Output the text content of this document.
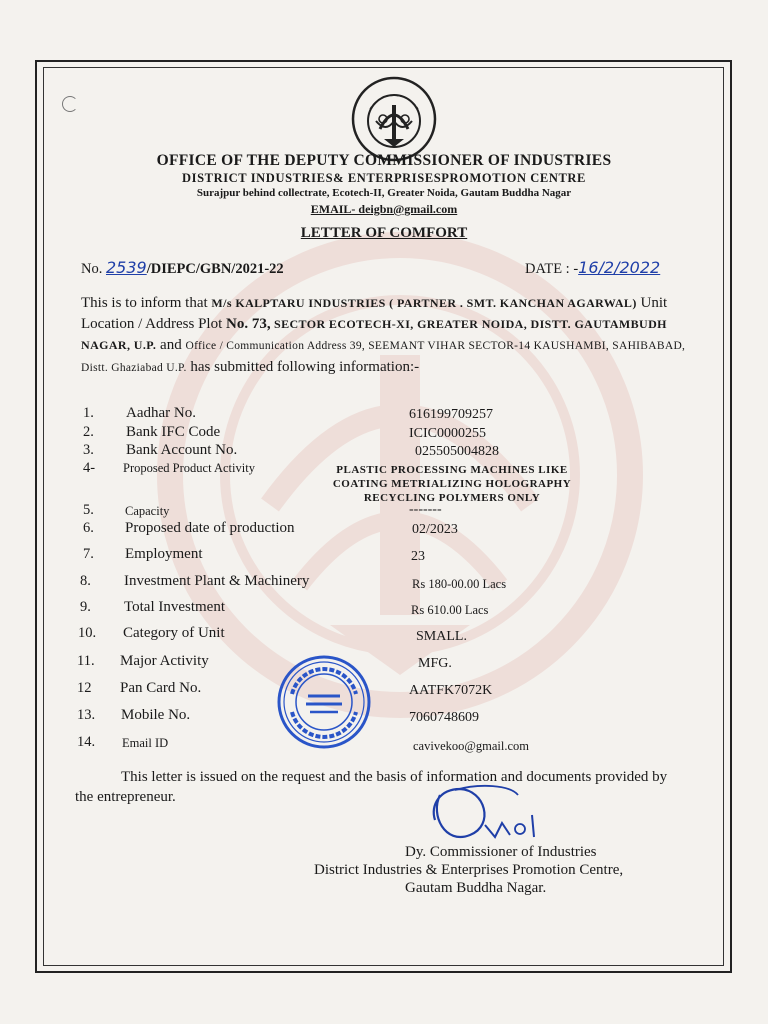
OFFICE OF THE DEPUTY COMMISSIONER OF INDUSTRIES
DISTRICT INDUSTRIES& ENTERPRISESPROMOTION CENTRE
Surajpur behind collectrate, Ecotech-II, Greater Noida, Gautam Buddha Nagar
EMAIL- deigbn@gmail.com
LETTER OF COMFORT
No. 2539/DIEPC/GBN/2021-22	DATE : -16/2/2022
This is to inform that M/s KALPTARU INDUSTRIES ( PARTNER . SMT. KANCHAN AGARWAL) Unit Location / Address Plot No. 73, SECTOR ECOTECH-XI, GREATER NOIDA, DISTT. GAUTAMBUDH NAGAR, U.P. and Office / Communication Address 39, SEEMANT VIHAR SECTOR-14 KAUSHAMBI, SAHIBABAD, Distt. Ghaziabad U.P. has submitted following information:-
1. Aadhar No.	616199709257
2. Bank IFC Code	ICIC0000255
3. Bank Account No.	025505004828
4- Proposed Product Activity	PLASTIC PROCESSING MACHINES LIKE
COATING METRIALIZING HOLOGRAPHY
RECYCLING POLYMERS ONLY
5. Capacity	-------
6. Proposed date of production	02/2023
7. Employment	23
8. Investment Plant & Machinery	Rs 180-00.00 Lacs
9. Total Investment	Rs 610.00 Lacs
10. Category of Unit	SMALL.
11. Major Activity	MFG.
12 Pan Card No.	AATFK7072K
13. Mobile No.	7060748609
14. Email ID	cavivekoo@gmail.com
This letter is issued on the request and the basis of information and documents provided by the entrepreneur.
Dy. Commissioner of Industries
District Industries & Enterprises Promotion Centre,
Gautam Buddha Nagar.
